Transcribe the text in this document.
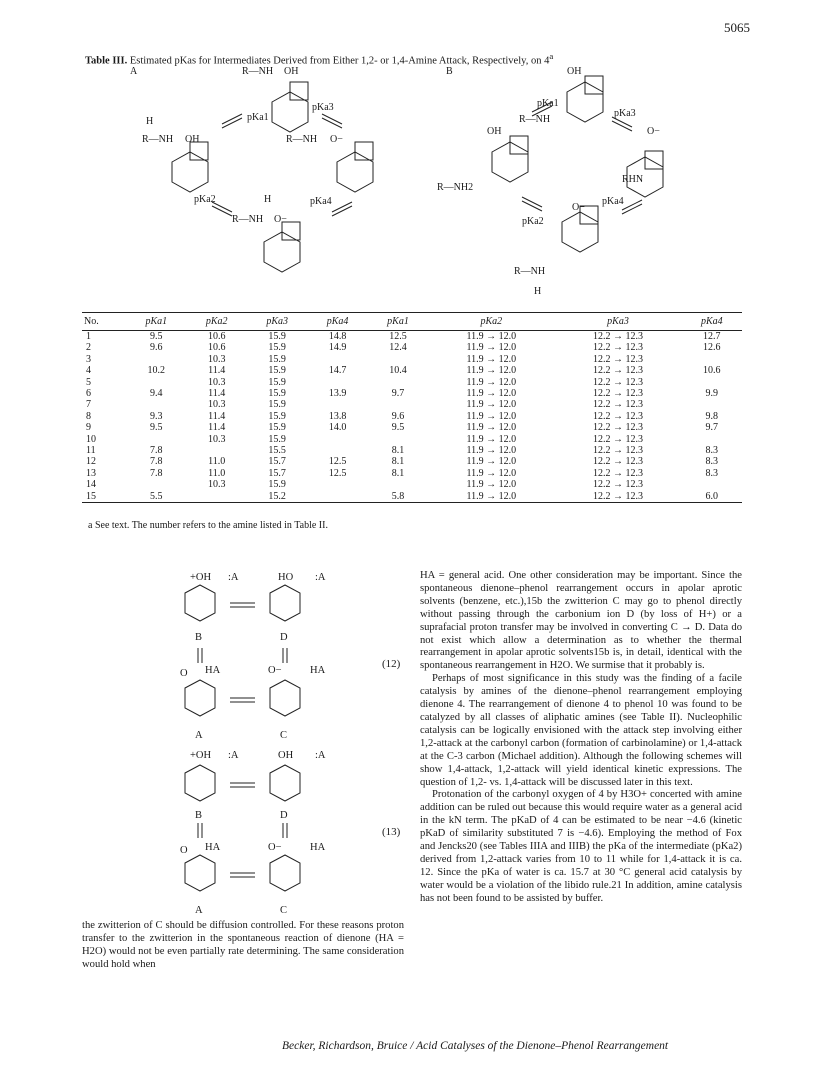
5065
Table III. Estimated pKas for Intermediates Derived from Either 1,2- or 1,4-Amine Attack, Respectively, on 4$^a$
A	B
R—NH OH
H
R—NH OH
pKa1
pKa3
R—NH O−
pKa2	pKa4
H
R—NH O−
OH
R—NH
OH
pKa1
pKa3
O−
R—NH2
RHN
pKa2
pKa4
O−
R—NH
H
No.	pKa1	pKa2	pKa3	pKa4	pKa1	pKa2	pKa3	pKa4
1	9.5	10.6	15.9	14.8	12.5	11.9 → 12.0	12.2 → 12.3	12.7
2	9.6	10.6	15.9	14.9	12.4	11.9 → 12.0	12.2 → 12.3	12.6
3		10.3	15.9			11.9 → 12.0	12.2 → 12.3	
4	10.2	11.4	15.9	14.7	10.4	11.9 → 12.0	12.2 → 12.3	10.6
5		10.3	15.9			11.9 → 12.0	12.2 → 12.3	
6	9.4	11.4	15.9	13.9	9.7	11.9 → 12.0	12.2 → 12.3	9.9
7		10.3	15.9			11.9 → 12.0	12.2 → 12.3	
8	9.3	11.4	15.9	13.8	9.6	11.9 → 12.0	12.2 → 12.3	9.8
9	9.5	11.4	15.9	14.0	9.5	11.9 → 12.0	12.2 → 12.3	9.7
10		10.3	15.9			11.9 → 12.0	12.2 → 12.3	
11	7.8		15.5		8.1	11.9 → 12.0	12.2 → 12.3	8.3
12	7.8	11.0	15.7	12.5	8.1	11.9 → 12.0	12.2 → 12.3	8.3
13	7.8	11.0	15.7	12.5	8.1	11.9 → 12.0	12.2 → 12.3	8.3
14		10.3	15.9			11.9 → 12.0	12.2 → 12.3	
15	5.5		15.2		5.8	11.9 → 12.0	12.2 → 12.3	6.0
a See text. The number refers to the amine listed in Table II.
+OH :A	HO :A
B	D
HA	O−	HA
O
A	C
+OH :A	OH :A
B	D
O HA	O−	HA
A	C
(12)
(13)

HA = general acid. One other consideration may be important. Since the spontaneous dienone–phenol rearrangement occurs in apolar aprotic solvents (benzene, etc.),15b the zwitterion C may go to phenol directly without passing through the carbonium ion D (by loss of H+) or a suprafacial proton transfer may be involved in converting C → D. Data do not exist which allow a determination as to whether the thermal rearrangement in apolar aprotic solvents15b is, in detail, identical with the spontaneous rearrangement in H2O. We surmise that it probably is.

Perhaps of most significance in this study was the finding of a facile catalysis by amines of the dienone–phenol rearrangement employing dienone 4. The rearrangement of dienone 4 to phenol 10 was found to be catalyzed by all classes of aliphatic amines (see Table II). Nucleophilic catalysis can be logically envisioned with the attack step involving either 1,2-attack at the carbonyl carbon (formation of carbinolamine) or 1,4-attack at the C-3 carbon (Michael addition). Although the following schemes will show 1,4-attack, 1,2-attack will yield identical kinetic expressions. The question of 1,2- vs. 1,4-attack will be discussed later in this text.

Protonation of the carbonyl oxygen of 4 by H3O+ concerted with amine addition can be ruled out because this would require water as a general acid in the kN term. The pKaD of 4 can be estimated to be near −4.6 (kinetic pKaD of similarity substituted 7 is −4.6). Employing the method of Fox and Jencks20 (see Tables IIIA and IIIB) the pKa of the intermediate (pKa2) derived from 1,2-attack varies from 10 to 11 while for 1,4-attack it is ca. 12. Since the pKa of water is ca. 15.7 at 30 °C general acid catalysis by water would be a violation of the libido rule.21 In addition, amine catalysis has not been found to be assisted by buffer.

the zwitterion of C should be diffusion controlled. For these reasons proton transfer to the zwitterion in the spontaneous reaction of dienone (HA = H2O) would not be even partially rate determining. The same consideration would hold when

Becker, Richardson, Bruice / Acid Catalyses of the Dienone–Phenol Rearrangement
